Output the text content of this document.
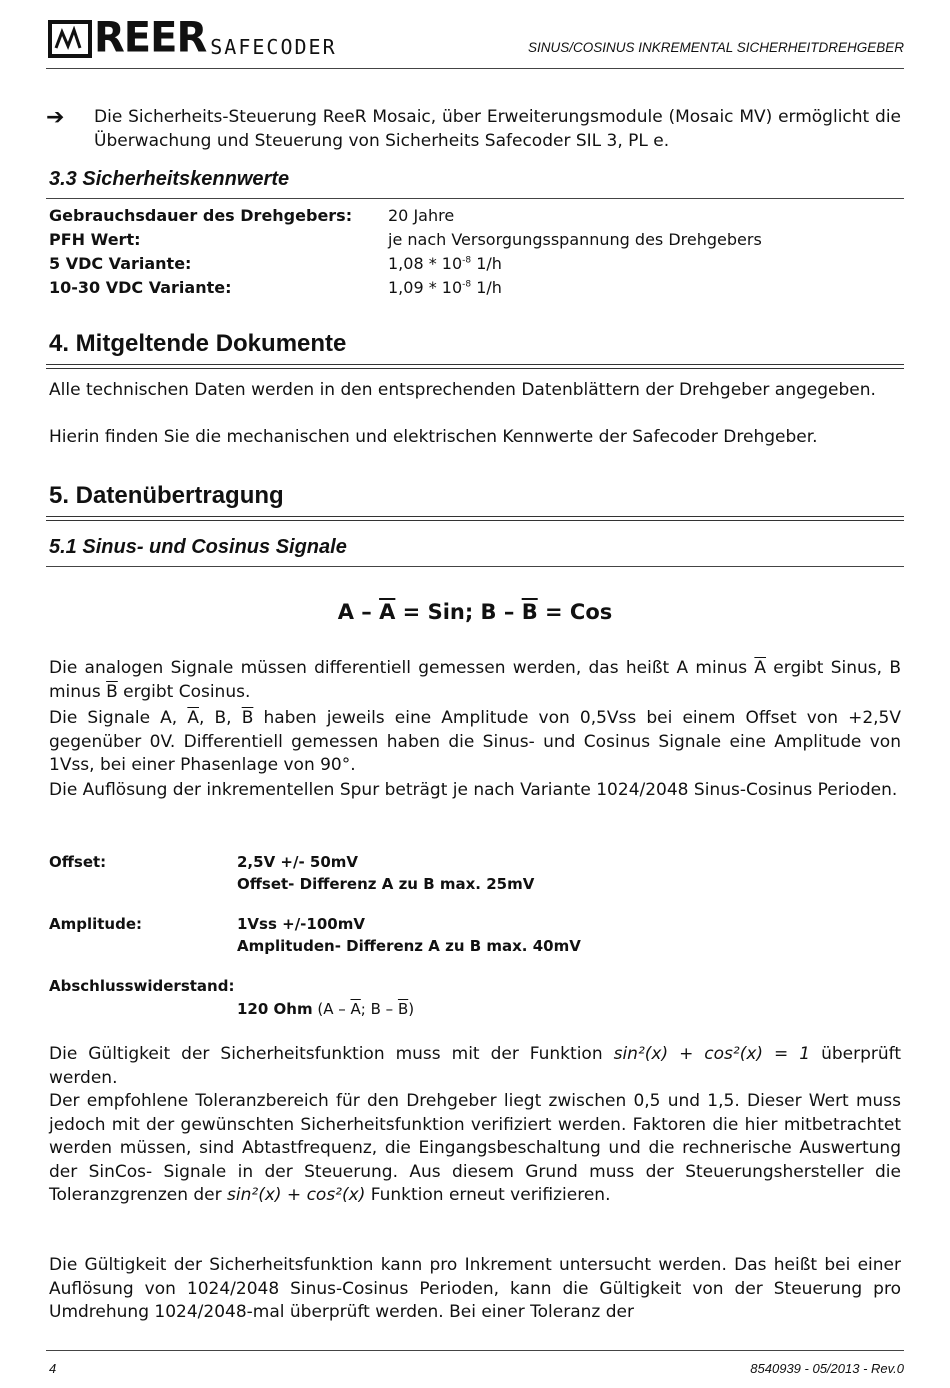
REER SAFECODER	SINUS/COSINUS INKREMENTAL SICHERHEITDREHGEBER
➔ Die Sicherheits-Steuerung ReeR Mosaic, über Erweiterungsmodule (Mosaic MV) ermöglicht die Überwachung und Steuerung von Sicherheits Safecoder SIL 3, PL e.
3.3 Sicherheitskennwerte
Gebrauchsdauer des Drehgebers:	20 Jahre
PFH Wert:	je nach Versorgungsspannung des Drehgebers
5 VDC Variante:	$1,08 * 10^{-8}$ 1/h
10-30 VDC Variante:	$1,09 * 10^{-8}$ 1/h
4. Mitgeltende Dokumente
Alle technischen Daten werden in den entsprechenden Datenblättern der Drehgeber angegeben.
Hierin finden Sie die mechanischen und elektrischen Kennwerte der Safecoder Drehgeber.
5. Datenübertragung
5.1 Sinus- und Cosinus Signale
A – $\overline{A}$ = Sin; B – $\overline{B}$ = Cos
Die analogen Signale müssen differentiell gemessen werden, das heißt A minus $\overline{A}$ ergibt Sinus, B minus $\overline{B}$ ergibt Cosinus.
Die Signale A, $\overline{A}$, B, $\overline{B}$ haben jeweils eine Amplitude von 0,5Vss bei einem Offset von +2,5V gegenüber 0V. Differentiell gemessen haben die Sinus- und Cosinus Signale eine Amplitude von 1Vss, bei einer Phasenlage von 90°.
Die Auflösung der inkrementellen Spur beträgt je nach Variante 1024/2048 Sinus-Cosinus Perioden.
Offset:	2,5V +/- 50mV
Offset- Differenz A zu B max. 25mV
Amplitude:	1Vss +/-100mV
Amplituden- Differenz A zu B max. 40mV
Abschlusswiderstand:
120 Ohm ($A - \overline{A}$; B – $\overline{B}$)
Die Gültigkeit der Sicherheitsfunktion muss mit der Funktion sin²(x) + cos²(x) = 1 überprüft werden.
Der empfohlene Toleranzbereich für den Drehgeber liegt zwischen 0,5 und 1,5. Dieser Wert muss jedoch mit der gewünschten Sicherheitsfunktion verifiziert werden. Faktoren die hier mitbetrachtet werden müssen, sind Abtastfrequenz, die Eingangsbeschaltung und die rechnerische Auswertung der SinCos- Signale in der Steuerung. Aus diesem Grund muss der Steuerungshersteller die Toleranzgrenzen der sin²(x) + cos²(x) Funktion erneut verifizieren.
Die Gültigkeit der Sicherheitsfunktion kann pro Inkrement untersucht werden. Das heißt bei einer Auflösung von 1024/2048 Sinus-Cosinus Perioden, kann die Gültigkeit von der Steuerung pro Umdrehung 1024/2048-mal überprüft werden. Bei einer Toleranz der
4	8540939 - 05/2013 - Rev.0
